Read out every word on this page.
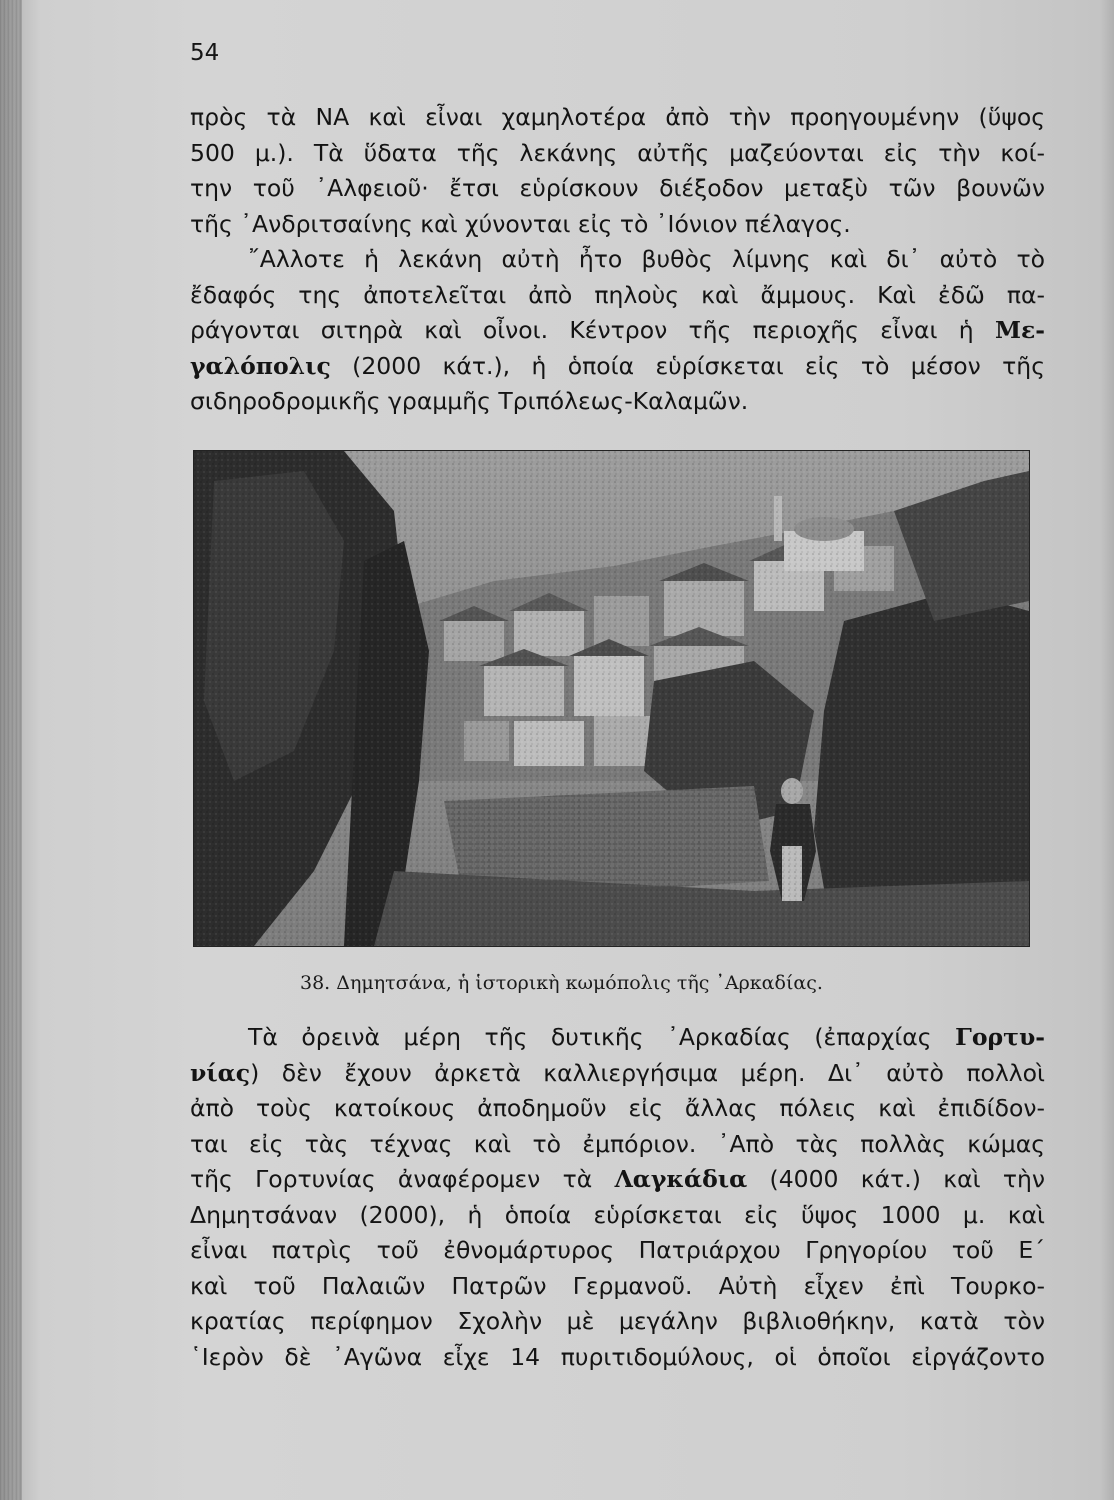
54
πρὸς τὰ ΝΑ καὶ εἶναι χαμηλοτέρα ἀπὸ τὴν προηγουμένην (ὕψος
500 μ.). Τὰ ὕδατα τῆς λεκάνης αὐτῆς μαζεύονται εἰς τὴν κοί-
την τοῦ ᾿Αλφειοῦ· ἔτσι εὑρίσκουν διέξοδον μεταξὺ τῶν βουνῶν
τῆς ᾿Ανδριτσαίνης καὶ χύνονται εἰς τὸ ᾿Ιόνιον πέλαγος.
῎Αλλοτε ἡ λεκάνη αὐτὴ ἦτο βυθὸς λίμνης καὶ δι᾿ αὐτὸ τὸ
ἔδαφός της ἀποτελεῖται ἀπὸ πηλοὺς καὶ ἄμμους. Καὶ ἐδῶ πα-
ράγονται σιτηρὰ καὶ οἶνοι. Κέντρον τῆς περιοχῆς εἶναι ἡ Με-
γαλόπολις (2000 κάτ.), ἡ ὁποία εὑρίσκεται εἰς τὸ μέσον τῆς
σιδηροδρομικῆς γραμμῆς Τριπόλεως-Καλαμῶν.
38. Δημητσάνα, ἡ ἱστορικὴ κωμόπολις τῆς ᾿Αρκαδίας.
Τὰ ὀρεινὰ μέρη τῆς δυτικῆς ᾿Αρκαδίας (ἐπαρχίας Γορτυ-
νίας) δὲν ἔχουν ἀρκετὰ καλλιεργήσιμα μέρη. Δι᾿ αὐτὸ πολλοὶ
ἀπὸ τοὺς κατοίκους ἀποδημοῦν εἰς ἄλλας πόλεις καὶ ἐπιδίδον-
ται εἰς τὰς τέχνας καὶ τὸ ἐμπόριον. ᾿Απὸ τὰς πολλὰς κώμας
τῆς Γορτυνίας ἀναφέρομεν τὰ Λαγκάδια (4000 κάτ.) καὶ τὴν
Δημητσάναν (2000), ἡ ὁποία εὑρίσκεται εἰς ὕψος 1000 μ. καὶ
εἶναι πατρὶς τοῦ ἐθνομάρτυρος Πατριάρχου Γρηγορίου τοῦ Ε´
καὶ τοῦ Παλαιῶν Πατρῶν Γερμανοῦ. Αὐτὴ εἶχεν ἐπὶ Τουρκο-
κρατίας περίφημον Σχολὴν μὲ μεγάλην βιβλιοθήκην, κατὰ τὸν
῾Ιερὸν δὲ ᾿Αγῶνα εἶχε 14 πυριτιδομύλους, οἱ ὁποῖοι εἰργάζοντο
